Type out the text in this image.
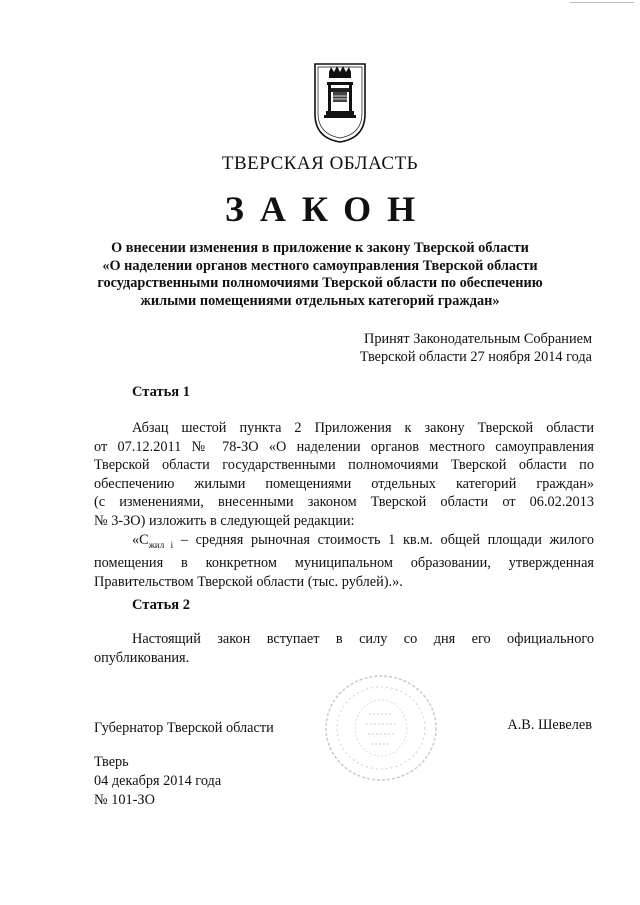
ТВЕРСКАЯ ОБЛАСТЬ
ЗАКОН
О внесении изменения в приложение к закону Тверской области
«О наделении органов местного самоуправления Тверской области
государственными полномочиями Тверской области по обеспечению
жилыми помещениями отдельных категорий граждан»
Принят Законодательным Собранием
Тверской области 27 ноября 2014 года
Статья 1
Абзац шестой пункта 2 Приложения к закону Тверской области
от 07.12.2011 № 78-ЗО «О наделении органов местного самоуправления
Тверской области государственными полномочиями Тверской области по
обеспечению жилыми помещениями отдельных категорий граждан»
(с изменениями, внесенными законом Тверской области от 06.02.2013
№ 3-ЗО) изложить в следующей редакции:
«$С_{жил i}$ – средняя рыночная стоимость 1 кв.м. общей площади жилого
помещения в конкретном муниципальном образовании, утвержденная
Правительством Тверской области (тыс. рублей).».
Статья 2
Настоящий закон вступает в силу со дня его официального
опубликования.
Губернатор Тверской области	А.В. Шевелев
Тверь
04 декабря 2014 года
№ 101-ЗО
